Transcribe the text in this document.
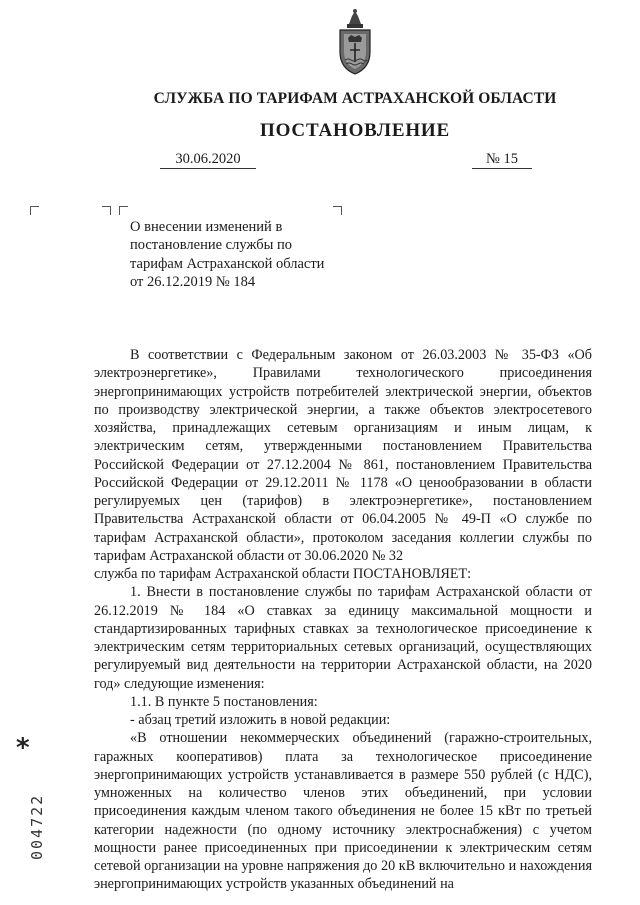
СЛУЖБА ПО ТАРИФАМ АСТРАХАНСКОЙ ОБЛАСТИ
ПОСТАНОВЛЕНИЕ
30.06.2020	№ 15
О внесении изменений в постановление службы по тарифам Астраханской области от 26.12.2019 № 184

В соответствии с Федеральным законом от 26.03.2003 № 35-ФЗ «Об электроэнергетике», Правилами технологического присоединения энергопринимающих устройств потребителей электрической энергии, объектов по производству электрической энергии, а также объектов электросетевого хозяйства, принадлежащих сетевым организациям и иным лицам, к электрическим сетям, утвержденными постановлением Правительства Российской Федерации от 27.12.2004 № 861, постановлением Правительства Российской Федерации от 29.12.2011 № 1178 «О ценообразовании в области регулируемых цен (тарифов) в электроэнергетике», постановлением Правительства Астраханской области от 06.04.2005 № 49-П «О службе по тарифам Астраханской области», протоколом заседания коллегии службы по тарифам Астраханской области от 30.06.2020 № 32

служба по тарифам Астраханской области ПОСТАНОВЛЯЕТ:

1. Внести в постановление службы по тарифам Астраханской области от 26.12.2019 № 184 «О ставках за единицу максимальной мощности и стандартизированных тарифных ставках за технологическое присоединение к электрическим сетям территориальных сетевых организаций, осуществляющих регулируемый вид деятельности на территории Астраханской области, на 2020 год» следующие изменения:

1.1. В пункте 5 постановления:

- абзац третий изложить в новой редакции:

«В отношении некоммерческих объединений (гаражно-строительных, гаражных кооперативов) плата за технологическое присоединение энергопринимающих устройств устанавливается в размере 550 рублей (с НДС), умноженных на количество членов этих объединений, при условии присоединения каждым членом такого объединения не более 15 кВт по третьей категории надежности (по одному источнику электроснабжения) с учетом мощности ранее присоединенных при присоединении к электрическим сетям сетевой организации на уровне напряжения до 20 кВ включительно и нахождения энергопринимающих устройств указанных объединений на

*
004722
